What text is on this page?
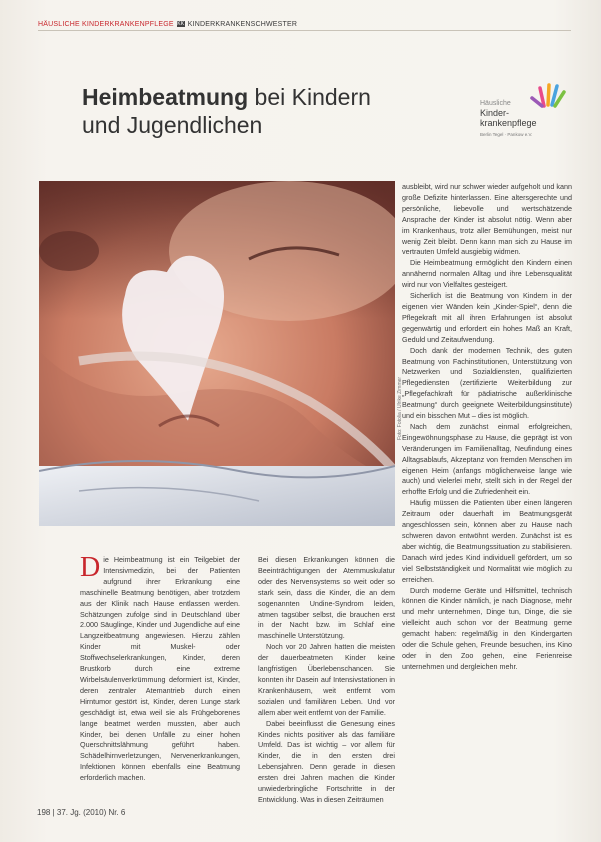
HÄUSLICHE KINDERKRANKENPFLEGE KK KINDERKRANKENSCHWESTER
Heimbeatmung bei Kindern und Jugendlichen
Häusliche
Kinder-
krankenpflege
Berlin Tegel · Pankow e.V.
Foto: Fotolia / Ulrike Zimmer

ausbleibt, wird nur schwer wieder aufgeholt und kann große Defizite hinterlassen. Eine altersgerechte und persönliche, liebevolle und wertschätzende Ansprache der Kinder ist absolut nötig. Wenn aber im Krankenhaus, trotz aller Bemühungen, meist nur wenig Zeit bleibt. Denn kann man sich zu Hause im vertrauten Umfeld ausgiebig widmen.

Die Heimbeatmung ermöglicht den Kindern einen annähernd normalen Alltag und ihre Lebensqualität wird nur von Vielfaltes gesteigert.

Sicherlich ist die Beatmung von Kindern in der eigenen vier Wänden kein „Kinder-Spiel“, denn die Pflegekraft mit all ihren Erfahrungen ist absolut gegenwärtig und erfordert ein hohes Maß an Kraft, Geduld und Zeitaufwendung.

Doch dank der modernen Technik, des guten Beatmung von Fachinstitutionen, Unterstützung von Netzwerken und Sozialdiensten, qualifizierten Pflegediensten (zertifizierte Weiterbildung zur „Pflegefachkraft für pädiatrische außerklinische Beatmung“ durch geeignete Weiterbildungsinstitute) und ein bisschen Mut – dies ist möglich.

Nach dem zunächst einmal erfolgreichen, Eingewöhnungsphase zu Hause, die geprägt ist von Veränderungen im Familienalltag, Neufindung eines Alltagsablaufs, Akzeptanz von fremden Menschen im eigenen Heim (anfangs möglicherweise lange wie auch) und vielerlei mehr, stellt sich in der Regel der erhoffte Erfolg und die Zufriedenheit ein.

Häufig müssen die Patienten über einen längeren Zeitraum oder dauerhaft im Beatmungsgerät angeschlossen sein, können aber zu Hause nach schweren davon entwöhnt werden. Zunächst ist es aber wichtig, die Beatmungssituation zu stabilisieren. Danach wird jedes Kind individuell gefördert, um so viel Selbstständigkeit und Normalität wie möglich zu erreichen.

Durch moderne Geräte und Hilfsmittel, technisch können die Kinder nämlich, je nach Diagnose, mehr und mehr unternehmen, Dinge tun, Dinge, die sie vielleicht auch schon vor der Beatmung gerne gemacht haben: regelmäßig in den Kindergarten oder die Schule gehen, Freunde besuchen, ins Kino oder in den Zoo gehen, eine Ferienreise unternehmen und dergleichen mehr.

Die Heimbeatmung ist ein Teilgebiet der Intensivmedizin, bei der Patienten aufgrund ihrer Erkrankung eine maschinelle Beatmung benötigen, aber trotzdem aus der Klinik nach Hause entlassen werden. Schätzungen zufolge sind in Deutschland über 2.000 Säuglinge, Kinder und Jugendliche auf eine Langzeitbeatmung angewiesen. Hierzu zählen Kinder mit Muskel- oder Stoffwechselerkrankungen, Kinder, deren Brustkorb durch eine extreme Wirbelsäulenverkrümmung deformiert ist, Kinder, deren zentraler Atemantrieb durch einen Hirntumor gestört ist, Kinder, deren Lunge stark geschädigt ist, etwa weil sie als Frühgeborenes lange beatmet werden mussten, aber auch Kinder, bei denen Unfälle zu einer hohen Querschnittslähmung geführt haben. Schädelhirnverletzungen, Nervenerkrankungen, Infektionen können ebenfalls eine Beatmung erforderlich machen.

Bei diesen Erkrankungen können die Beeinträchtigungen der Atemmuskulatur oder des Nervensystems so weit oder so stark sein, dass die Kinder, die an dem sogenannten Undine-Syndrom leiden, atmen tagsüber selbst, die brauchen erst in der Nacht bzw. im Schlaf eine maschinelle Unterstützung.

Noch vor 20 Jahren hatten die meisten der dauerbeatmeten Kinder keine langfristigen Überlebenschancen. Sie konnten ihr Dasein auf Intensivstationen in Krankenhäusern, weit entfernt vom sozialen und familiären Leben. Und vor allem aber weit entfernt von der Familie.

Dabei beeinflusst die Genesung eines Kindes nichts positiver als das familiäre Umfeld. Das ist wichtig – vor allem für Kinder, die in den ersten drei Lebensjahren. Denn gerade in diesen ersten drei Jahren machen die Kinder unwiederbringliche Fortschritte in der Entwicklung. Was in diesen Zeiträumen

198 | 37. Jg. (2010) Nr. 6
